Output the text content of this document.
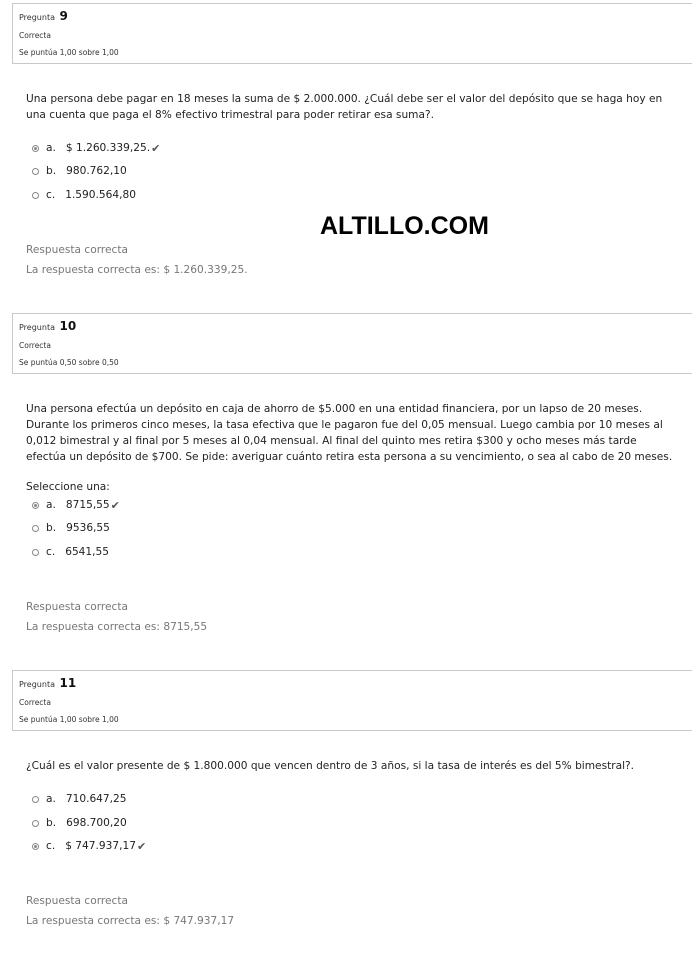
Pregunta 9
Correcta
Se puntúa 1,00 sobre 1,00
Una persona debe pagar en 18 meses la suma de $ 2.000.000. ¿Cuál debe ser el valor del depósito que se haga hoy en una cuenta que paga el 8% efectivo trimestral para poder retirar esa suma?.
a. $ 1.260.339,25. ✔
b. 980.762,10
c. 1.590.564,80
ALTILLO.COM
Respuesta correcta
La respuesta correcta es: $ 1.260.339,25.
Pregunta 10
Correcta
Se puntúa 0,50 sobre 0,50
Una persona efectúa un depósito en caja de ahorro de $5.000 en una entidad financiera, por un lapso de 20 meses. Durante los primeros cinco meses, la tasa efectiva que le pagaron fue del 0,05 mensual. Luego cambia por 10 meses al 0,012 bimestral y al final por 5 meses al 0,04 mensual. Al final del quinto mes retira $300 y ocho meses más tarde efectúa un depósito de $700. Se pide: averiguar cuánto retira esta persona a su vencimiento, o sea al cabo de 20 meses.
Seleccione una:
a. 8715,55 ✔
b. 9536,55
c. 6541,55
Respuesta correcta
La respuesta correcta es: 8715,55
Pregunta 11
Correcta
Se puntúa 1,00 sobre 1,00
¿Cuál es el valor presente de $ 1.800.000 que vencen dentro de 3 años, si la tasa de interés es del 5% bimestral?.
a. 710.647,25
b. 698.700,20
c. $ 747.937,17 ✔
Respuesta correcta
La respuesta correcta es: $ 747.937,17
